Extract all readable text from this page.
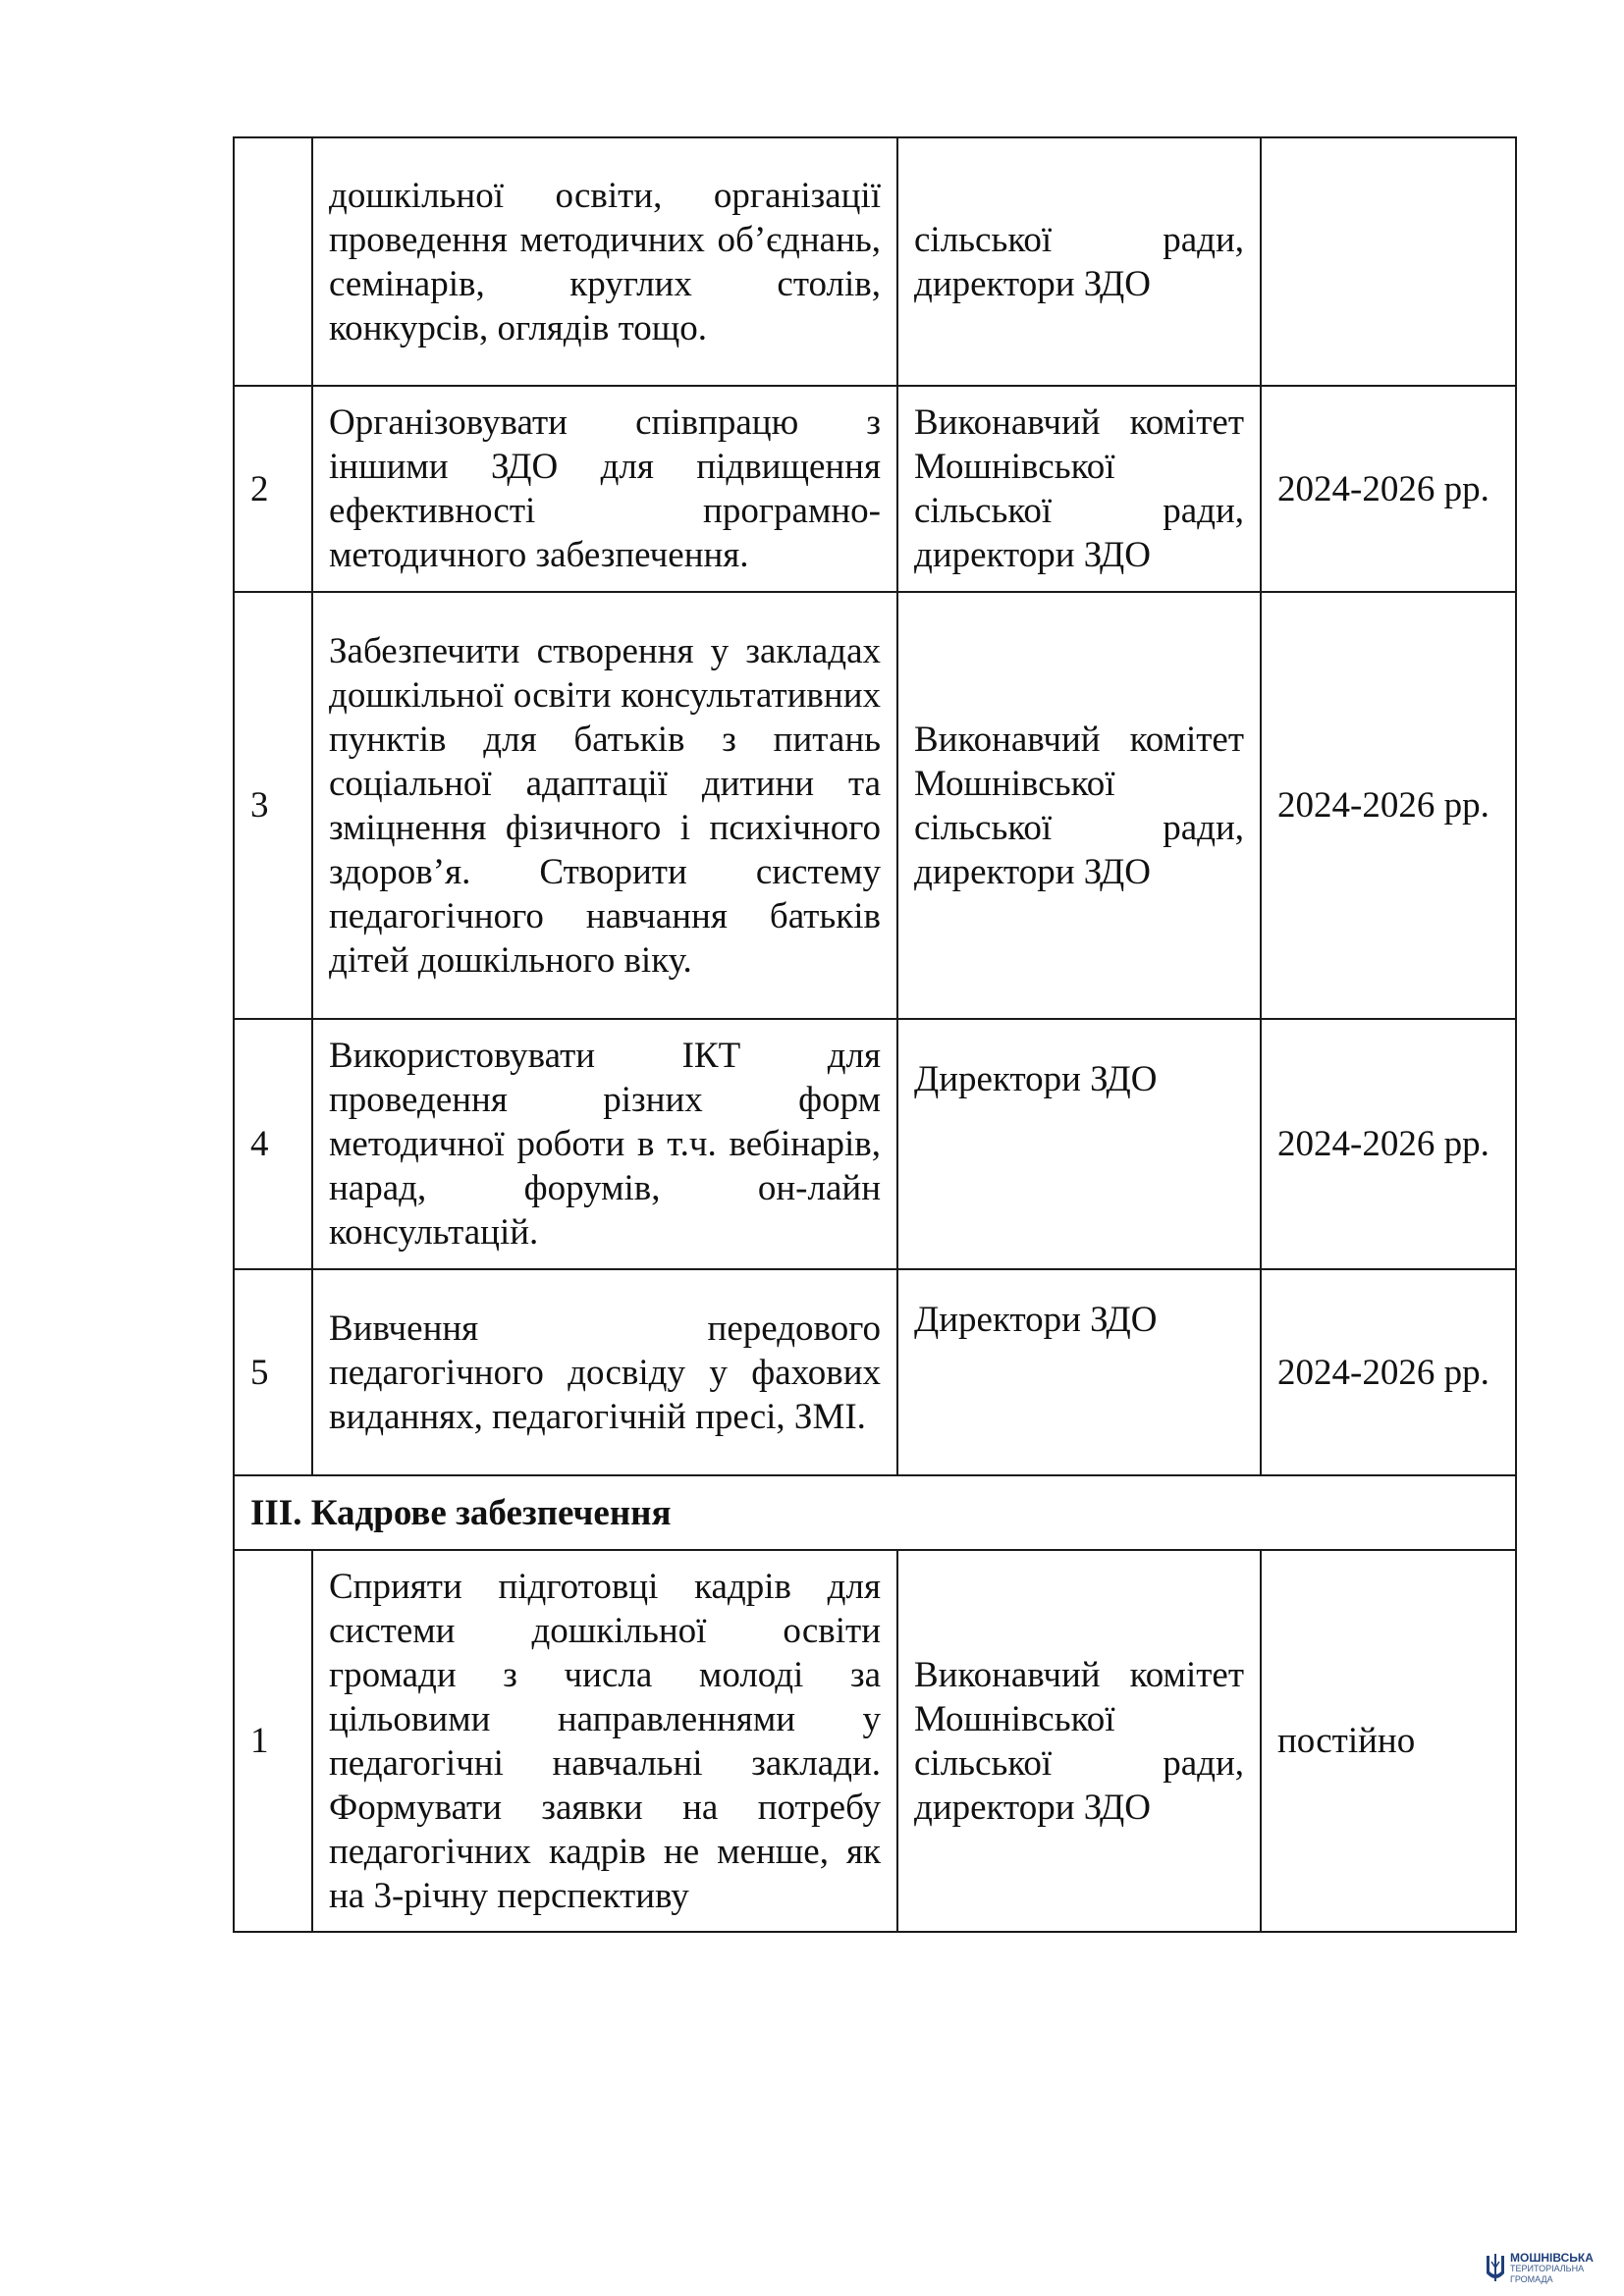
	дошкільної освіти, організації проведення методичних об’єднань, семінарів, круглих столів, конкурсів, оглядів тощо.	сільської ради, директори ЗДО	
2	Організовувати співпрацю з іншими ЗДО для підвищення ефективності програмно-методичного забезпечення.	Виконавчий комітет Мошнівської сільської ради, директори ЗДО	2024-2026 рр.
3	Забезпечити створення у закладах дошкільної освіти консультативних пунктів для батьків з питань соціальної адаптації дитини та зміцнення фізичного і психічного здоров’я. Створити систему педагогічного навчання батьків дітей дошкільного віку.	Виконавчий комітет Мошнівської сільської ради, директори ЗДО	2024-2026 рр.
4	Використовувати ІКТ для проведення різних форм методичної роботи в т.ч. вебінарів, нарад, форумів, он-лайн консультацій.	Директори ЗДО	2024-2026 рр.
5	Вивчення передового педагогічного досвіду у фахових виданнях, педагогічній пресі, ЗМІ.	Директори ЗДО	2024-2026 рр.
ІІІ. Кадрове забезпечення			
1	Сприяти підготовці кадрів для системи дошкільної освіти громади з числа молоді за цільовими направленнями у педагогічні навчальні заклади. Формувати заявки на потребу педагогічних кадрів не менше, як на 3-річну перспективу	Виконавчий комітет Мошнівської сільської ради, директори ЗДО	постійно
МОШНІВСЬКА
ТЕРИТОРІАЛЬНА
ГРОМАДА
